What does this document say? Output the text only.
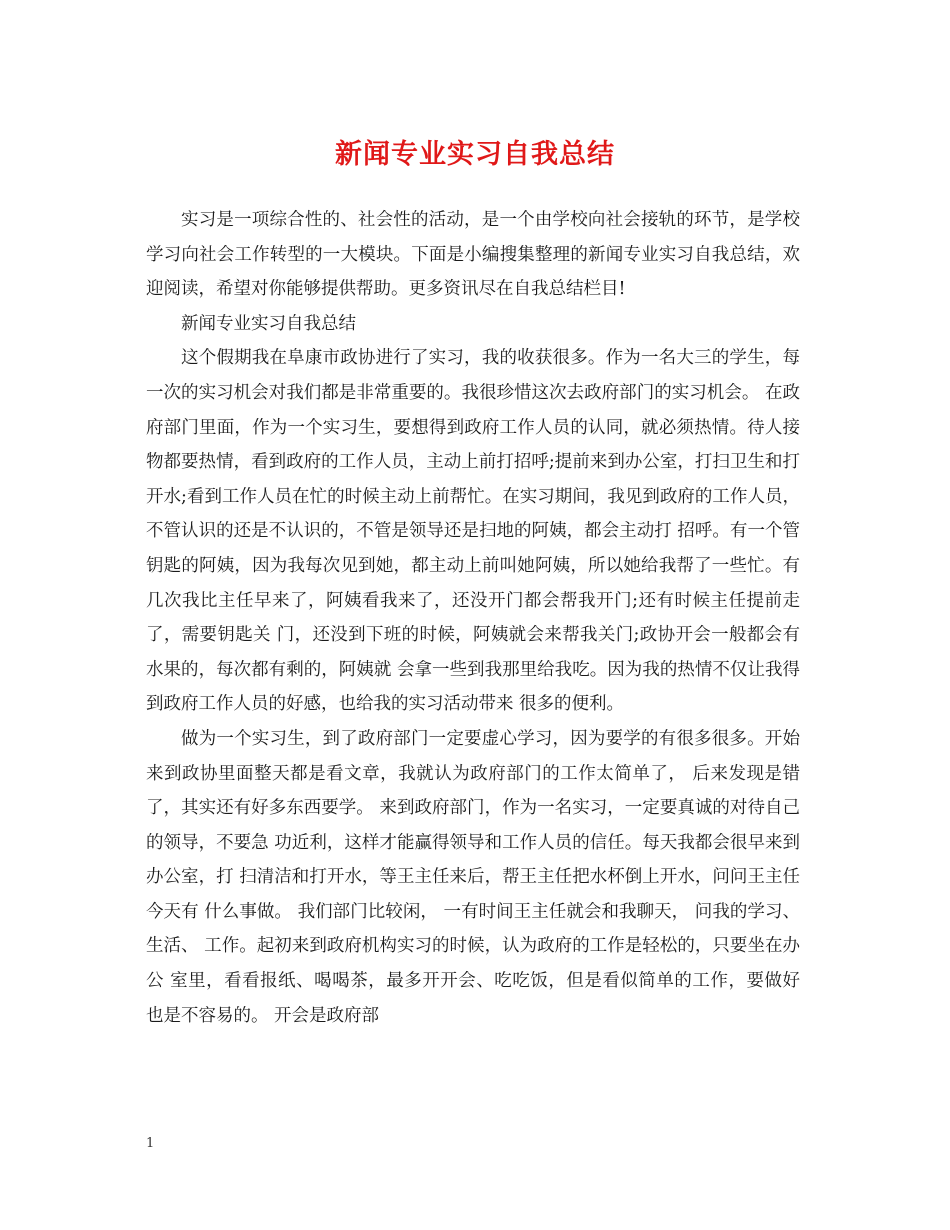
新闻专业实习自我总结

实习是一项综合性的、社会性的活动，是一个由学校向社会接轨的环节，是学校学习向社会工作转型的一大模块。下面是小编搜集整理的新闻专业实习自我总结，欢迎阅读，希望对你能够提供帮助。更多资讯尽在自我总结栏目!

新闻专业实习自我总结

这个假期我在阜康市政协进行了实习，我的收获很多。作为一名大三的学生，每一次的实习机会对我们都是非常重要的。我很珍惜这次去政府部门的实习机会。 在政府部门里面，作为一个实习生，要想得到政府工作人员的认同，就必须热情。待人接物都要热情，看到政府的工作人员，主动上前打招呼;提前来到办公室，打扫卫生和打开水;看到工作人员在忙的时候主动上前帮忙。在实习期间，我见到政府的工作人员，不管认识的还是不认识的，不管是领导还是扫地的阿姨，都会主动打 招呼。有一个管钥匙的阿姨，因为我每次见到她，都主动上前叫她阿姨，所以她给我帮了一些忙。有 几次我比主任早来了，阿姨看我来了，还没开门都会帮我开门;还有时候主任提前走了，需要钥匙关 门，还没到下班的时候，阿姨就会来帮我关门;政协开会一般都会有水果的，每次都有剩的，阿姨就 会拿一些到我那里给我吃。因为我的热情不仅让我得到政府工作人员的好感，也给我的实习活动带来 很多的便利。

做为一个实习生，到了政府部门一定要虚心学习，因为要学的有很多很多。开始来到政协里面整天都是看文章，我就认为政府部门的工作太简单了， 后来发现是错了，其实还有好多东西要学。 来到政府部门，作为一名实习，一定要真诚的对待自己的领导，不要急 功近利，这样才能赢得领导和工作人员的信任。每天我都会很早来到办公室，打 扫清洁和打开水，等王主任来后，帮王主任把水杯倒上开水，问问王主任今天有 什么事做。 我们部门比较闲， 一有时间王主任就会和我聊天， 问我的学习、 生活、 工作。起初来到政府机构实习的时候，认为政府的工作是轻松的，只要坐在办公 室里，看看报纸、喝喝茶，最多开开会、吃吃饭，但是看似简单的工作，要做好 也是不容易的。 开会是政府部

1
